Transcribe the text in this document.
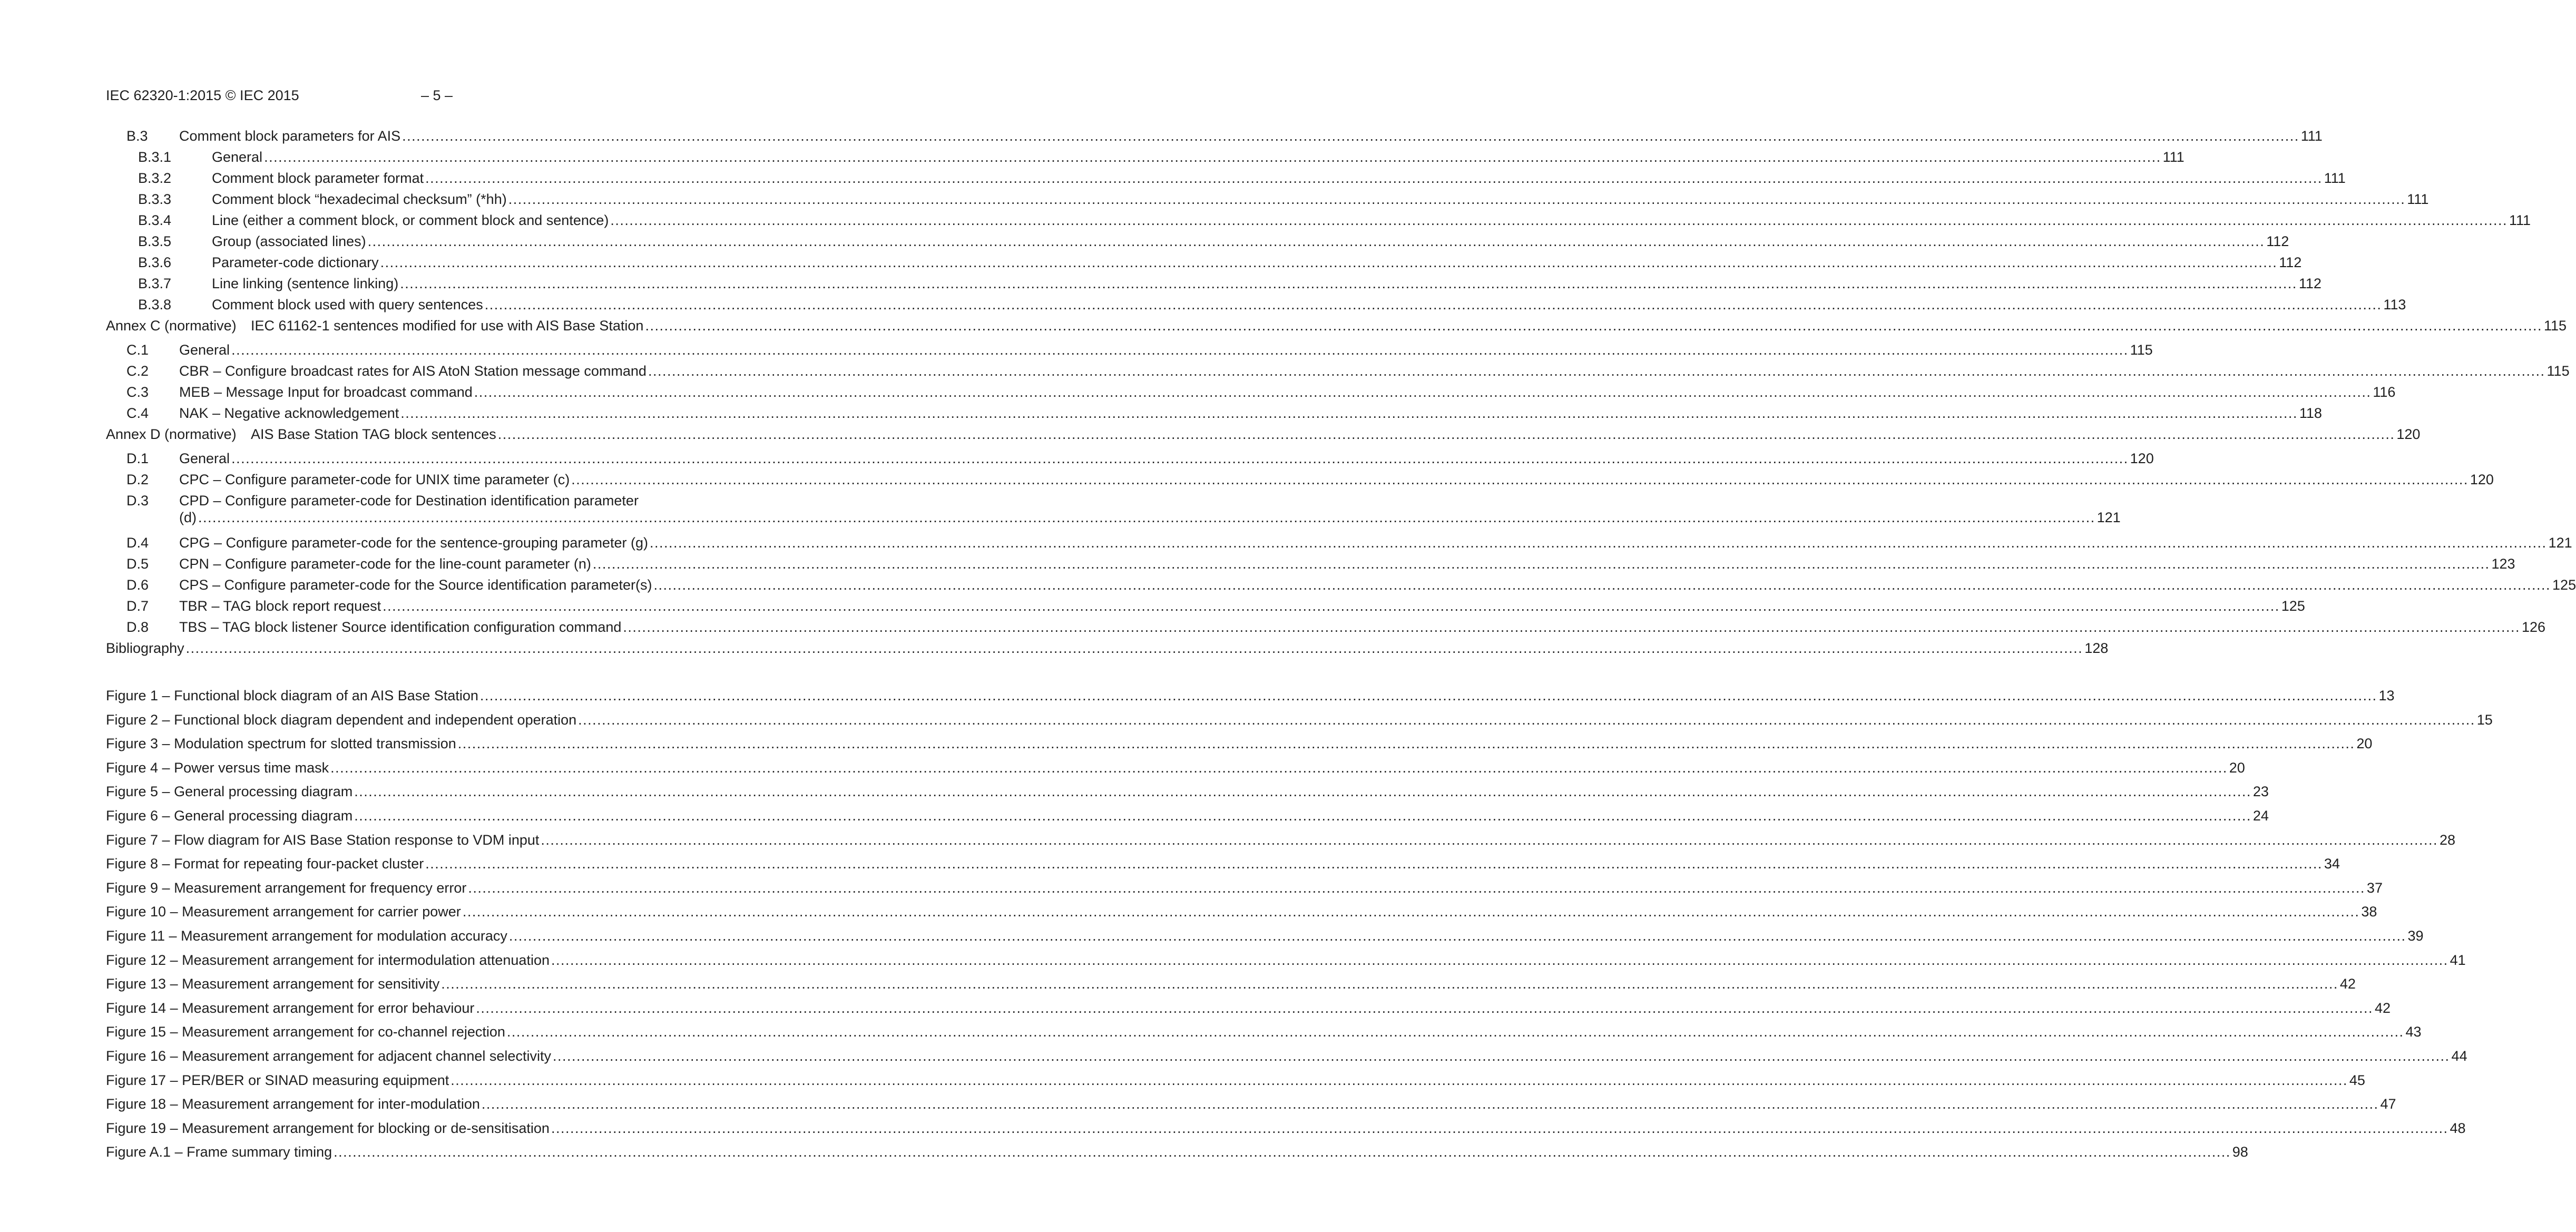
IEC 62320-1:2015 © IEC 2015	– 5 –
B.3	Comment block parameters for AIS ................................................................................................................................................................................................................................................................................................................................................................................................................ 111
B.3.1	General ................................................................................................................................................................................................................................................................................................................................................................................................................ 111
B.3.2	Comment block parameter format ................................................................................................................................................................................................................................................................................................................................................................................................................ 111
B.3.3	Comment block “hexadecimal checksum” (*hh) ................................................................................................................................................................................................................................................................................................................................................................................................................ 111
B.3.4	Line (either a comment block, or comment block and sentence) ................................................................................................................................................................................................................................................................................................................................................................................................................ 111
B.3.5	Group (associated lines) ................................................................................................................................................................................................................................................................................................................................................................................................................ 112
B.3.6	Parameter-code dictionary ................................................................................................................................................................................................................................................................................................................................................................................................................ 112
B.3.7	Line linking (sentence linking) ................................................................................................................................................................................................................................................................................................................................................................................................................ 112
B.3.8	Comment block used with query sentences ................................................................................................................................................................................................................................................................................................................................................................................................................ 113
Annex C (normative)	IEC 61162-1 sentences modified for use with AIS Base Station ................................................................................................................................................................................................................................................................................................................................................................................................................ 115
C.1	General ................................................................................................................................................................................................................................................................................................................................................................................................................ 115
C.2	CBR – Configure broadcast rates for AIS AtoN Station message command ................................................................................................................................................................................................................................................................................................................................................................................................................ 115
C.3	MEB – Message Input for broadcast command ................................................................................................................................................................................................................................................................................................................................................................................................................ 116
C.4	NAK – Negative acknowledgement ................................................................................................................................................................................................................................................................................................................................................................................................................ 118
Annex D (normative)	AIS Base Station TAG block sentences ................................................................................................................................................................................................................................................................................................................................................................................................................ 120
D.1	General ................................................................................................................................................................................................................................................................................................................................................................................................................ 120
D.2	CPC – Configure parameter-code for UNIX time parameter (c) ................................................................................................................................................................................................................................................................................................................................................................................................................ 120
D.3 CPD – Configure parameter-code for Destination identification parameter
(d) ................................................................................................................................................................................................................................................................................................................................................................................................................ 121
D.4	CPG – Configure parameter-code for the sentence-grouping parameter (g) ................................................................................................................................................................................................................................................................................................................................................................................................................ 121
D.5	CPN – Configure parameter-code for the line-count parameter (n) ................................................................................................................................................................................................................................................................................................................................................................................................................ 123
D.6	CPS – Configure parameter-code for the Source identification parameter(s) ................................................................................................................................................................................................................................................................................................................................................................................................................ 125
D.7	TBR – TAG block report request ................................................................................................................................................................................................................................................................................................................................................................................................................ 125
D.8	TBS – TAG block listener Source identification configuration command ................................................................................................................................................................................................................................................................................................................................................................................................................ 126
Bibliography ................................................................................................................................................................................................................................................................................................................................................................................................................ 128
Figure 1 – Functional block diagram of an AIS Base Station ................................................................................................................................................................................................................................................................................................................................................................................................................ 13
Figure 2 – Functional block diagram dependent and independent operation ................................................................................................................................................................................................................................................................................................................................................................................................................ 15
Figure 3 – Modulation spectrum for slotted transmission ................................................................................................................................................................................................................................................................................................................................................................................................................ 20
Figure 4 – Power versus time mask ................................................................................................................................................................................................................................................................................................................................................................................................................ 20
Figure 5 – General processing diagram ................................................................................................................................................................................................................................................................................................................................................................................................................ 23
Figure 6 – General processing diagram ................................................................................................................................................................................................................................................................................................................................................................................................................ 24
Figure 7 – Flow diagram for AIS Base Station response to VDM input ................................................................................................................................................................................................................................................................................................................................................................................................................ 28
Figure 8 – Format for repeating four-packet cluster ................................................................................................................................................................................................................................................................................................................................................................................................................ 34
Figure 9 – Measurement arrangement for frequency error ................................................................................................................................................................................................................................................................................................................................................................................................................ 37
Figure 10 – Measurement arrangement for carrier power ................................................................................................................................................................................................................................................................................................................................................................................................................ 38
Figure 11 – Measurement arrangement for modulation accuracy ................................................................................................................................................................................................................................................................................................................................................................................................................ 39
Figure 12 – Measurement arrangement for intermodulation attenuation ................................................................................................................................................................................................................................................................................................................................................................................................................ 41
Figure 13 – Measurement arrangement for sensitivity ................................................................................................................................................................................................................................................................................................................................................................................................................ 42
Figure 14 – Measurement arrangement for error behaviour ................................................................................................................................................................................................................................................................................................................................................................................................................ 42
Figure 15 – Measurement arrangement for co-channel rejection ................................................................................................................................................................................................................................................................................................................................................................................................................ 43
Figure 16 – Measurement arrangement for adjacent channel selectivity ................................................................................................................................................................................................................................................................................................................................................................................................................ 44
Figure 17 – PER/BER or SINAD measuring equipment ................................................................................................................................................................................................................................................................................................................................................................................................................ 45
Figure 18 – Measurement arrangement for inter-modulation ................................................................................................................................................................................................................................................................................................................................................................................................................ 47
Figure 19 – Measurement arrangement for blocking or de-sensitisation ................................................................................................................................................................................................................................................................................................................................................................................................................ 48
Figure A.1 – Frame summary timing ................................................................................................................................................................................................................................................................................................................................................................................................................ 98
